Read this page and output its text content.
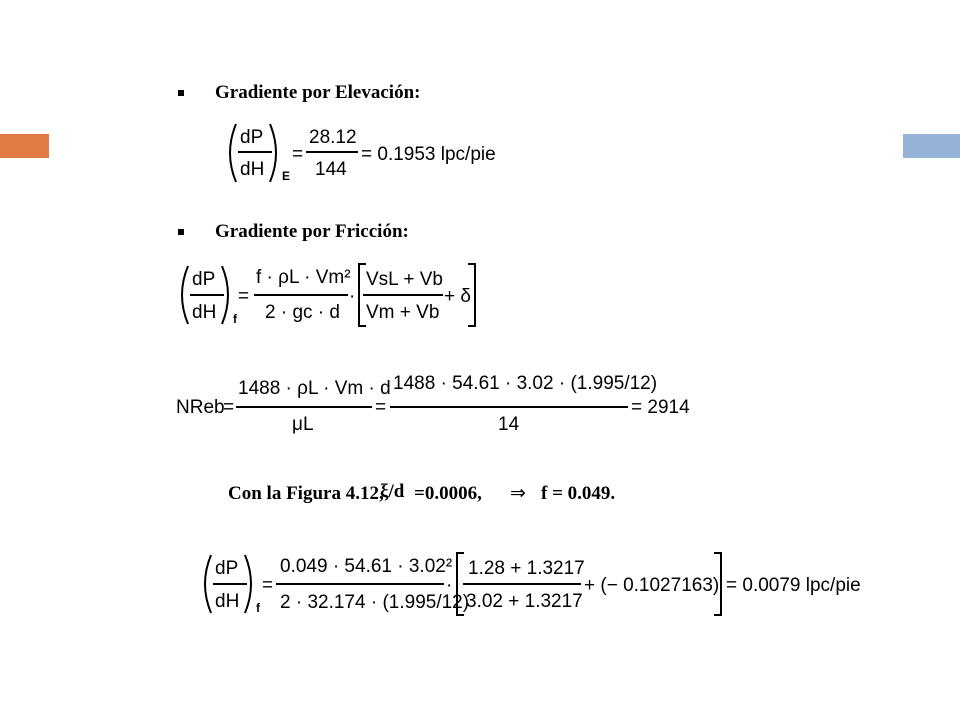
Gradiente por Elevación:
dP
dH E
=
28.12
144
= 0.1953 lpc/pie
Gradiente por Fricción:
dP
dH f
=
f · ρL · Vm²
2 · gc · d
·
VsL + Vb
Vm + Vb
+ δ
NReb
=
1488 · ρL · Vm · d
μL
=
1488 · 54.61 · 3.02 · (1.995/12)
14
= 2914
Con la Figura 4.12,
ξ/d =0.0006, ⇒ f = 0.049.
dP
dH f
=
0.049 · 54.61 · 3.02²
2 · 32.174 · (1.995/12)
·
1.28 + 1.3217
3.02 + 1.3217
+ (− 0.1027163) = 0.0079 lpc/pie
